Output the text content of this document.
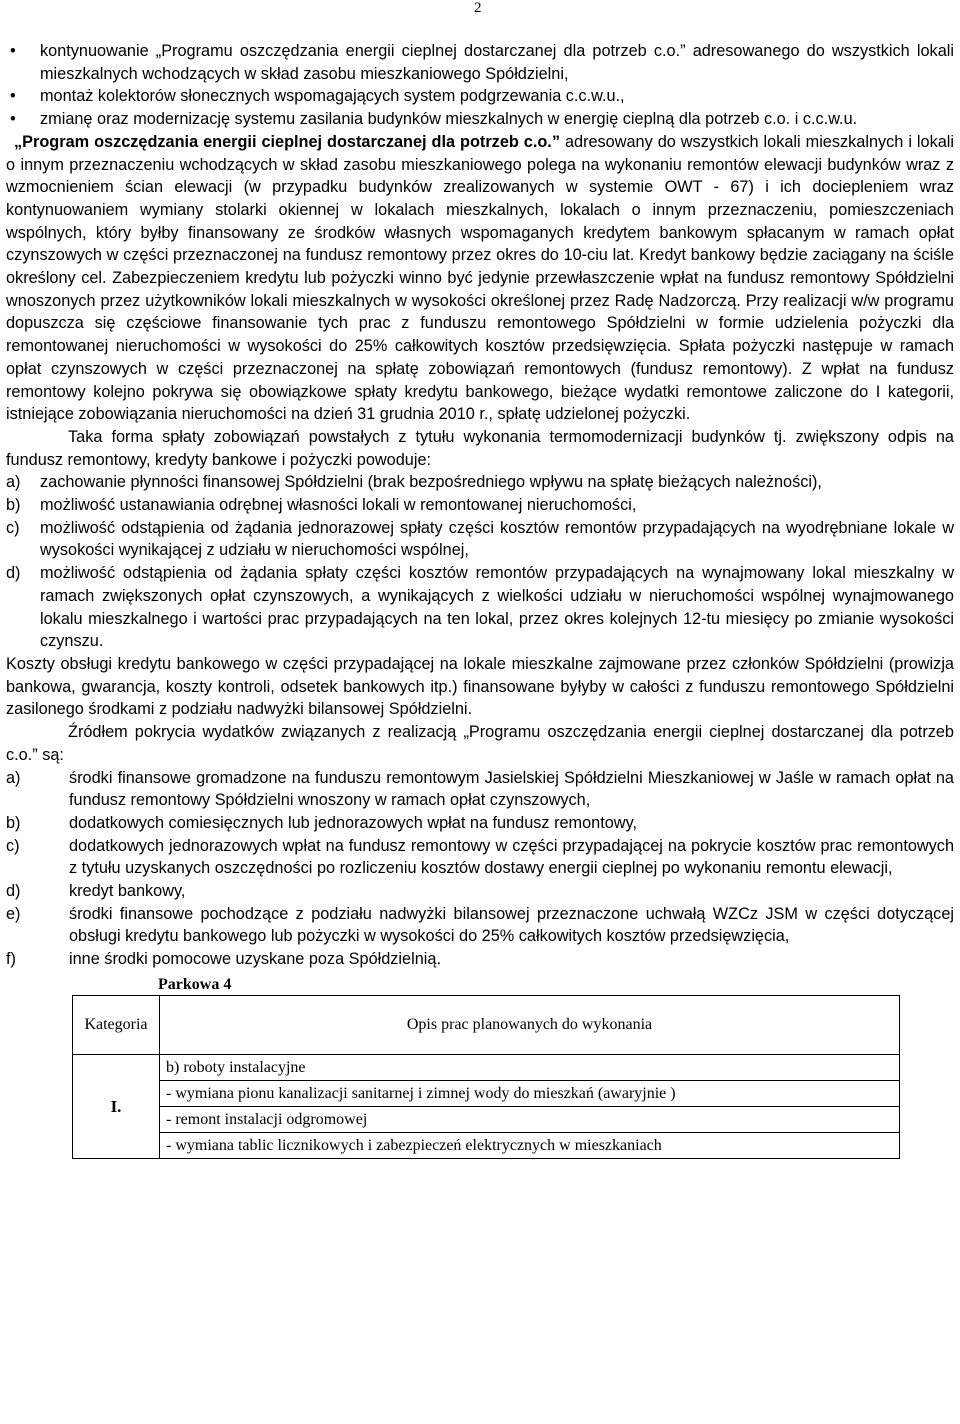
2
• kontynuowanie „Programu oszczędzania energii cieplnej dostarczanej dla potrzeb c.o.” adresowanego do wszystkich lokali mieszkalnych wchodzących w skład zasobu mieszkaniowego Spółdzielni,
• montaż kolektorów słonecznych wspomagających system podgrzewania c.c.w.u.,
• zmianę oraz modernizację systemu zasilania budynków mieszkalnych w energię cieplną dla potrzeb c.o. i c.c.w.u.

„Program oszczędzania energii cieplnej dostarczanej dla potrzeb c.o.” adresowany do wszystkich lokali mieszkalnych i lokali o innym przeznaczeniu wchodzących w skład zasobu mieszkaniowego polega na wykonaniu remontów elewacji budynków wraz z wzmocnieniem ścian elewacji (w przypadku budynków zrealizowanych w systemie OWT - 67) i ich dociepleniem wraz kontynuowaniem wymiany stolarki okiennej w lokalach mieszkalnych, lokalach o innym przeznaczeniu, pomieszczeniach wspólnych, który byłby finansowany ze środków własnych wspomaganych kredytem bankowym spłacanym w ramach opłat czynszowych w części przeznaczonej na fundusz remontowy przez okres do 10-ciu lat. Kredyt bankowy będzie zaciągany na ściśle określony cel. Zabezpieczeniem kredytu lub pożyczki winno być jedynie przewłaszczenie wpłat na fundusz remontowy Spółdzielni wnoszonych przez użytkowników lokali mieszkalnych w wysokości określonej przez Radę Nadzorczą. Przy realizacji w/w programu dopuszcza się częściowe finansowanie tych prac z funduszu remontowego Spółdzielni w formie udzielenia pożyczki dla remontowanej nieruchomości w wysokości do 25% całkowitych kosztów przedsięwzięcia. Spłata pożyczki następuje w ramach opłat czynszowych w części przeznaczonej na spłatę zobowiązań remontowych (fundusz remontowy). Z wpłat na fundusz remontowy kolejno pokrywa się obowiązkowe spłaty kredytu bankowego, bieżące wydatki remontowe zaliczone do I kategorii, istniejące zobowiązania nieruchomości na dzień 31 grudnia 2010 r., spłatę udzielonej pożyczki.

Taka forma spłaty zobowiązań powstałych z tytułu wykonania termomodernizacji budynków tj. zwiększony odpis na fundusz remontowy, kredyty bankowe i pożyczki powoduje:

a) zachowanie płynności finansowej Spółdzielni (brak bezpośredniego wpływu na spłatę bieżących należności),
b) możliwość ustanawiania odrębnej własności lokali w remontowanej nieruchomości,
c) możliwość odstąpienia od żądania jednorazowej spłaty części kosztów remontów przypadających na wyodrębniane lokale w wysokości wynikającej z udziału w nieruchomości wspólnej,
d) możliwość odstąpienia od żądania spłaty części kosztów remontów przypadających na wynajmowany lokal mieszkalny w ramach zwiększonych opłat czynszowych, a wynikających z wielkości udziału w nieruchomości wspólnej wynajmowanego lokalu mieszkalnego i wartości prac przypadających na ten lokal, przez okres kolejnych 12-tu miesięcy po zmianie wysokości czynszu.

Koszty obsługi kredytu bankowego w części przypadającej na lokale mieszkalne zajmowane przez członków Spółdzielni (prowizja bankowa, gwarancja, koszty kontroli, odsetek bankowych itp.) finansowane byłyby w całości z funduszu remontowego Spółdzielni zasilonego środkami z podziału nadwyżki bilansowej Spółdzielni.

Źródłem pokrycia wydatków związanych z realizacją „Programu oszczędzania energii cieplnej dostarczanej dla potrzeb c.o.” są:

a)	środki finansowe gromadzone na funduszu remontowym Jasielskiej Spółdzielni Mieszkaniowej w Jaśle w ramach opłat na fundusz remontowy Spółdzielni wnoszony w ramach opłat czynszowych,
b)	dodatkowych comiesięcznych lub jednorazowych wpłat na fundusz remontowy,
c)	dodatkowych jednorazowych wpłat na fundusz remontowy w części przypadającej na pokrycie kosztów prac remontowych z tytułu uzyskanych oszczędności po rozliczeniu kosztów dostawy energii cieplnej po wykonaniu remontu elewacji,
d)	kredyt bankowy,
e)	środki finansowe pochodzące z podziału nadwyżki bilansowej przeznaczone uchwałą WZCz JSM w części dotyczącej obsługi kredytu bankowego lub pożyczki w wysokości do 25% całkowitych kosztów przedsięwzięcia,
f)	inne środki pomocowe uzyskane poza Spółdzielnią.
Parkowa 4
Kategoria	Opis prac planowanych do wykonania
I.	b) roboty instalacyjne
	- wymiana pionu kanalizacji sanitarnej i zimnej wody do mieszkań (awaryjnie )
	- remont instalacji odgromowej
	- wymiana tablic licznikowych i zabezpieczeń elektrycznych w mieszkaniach
